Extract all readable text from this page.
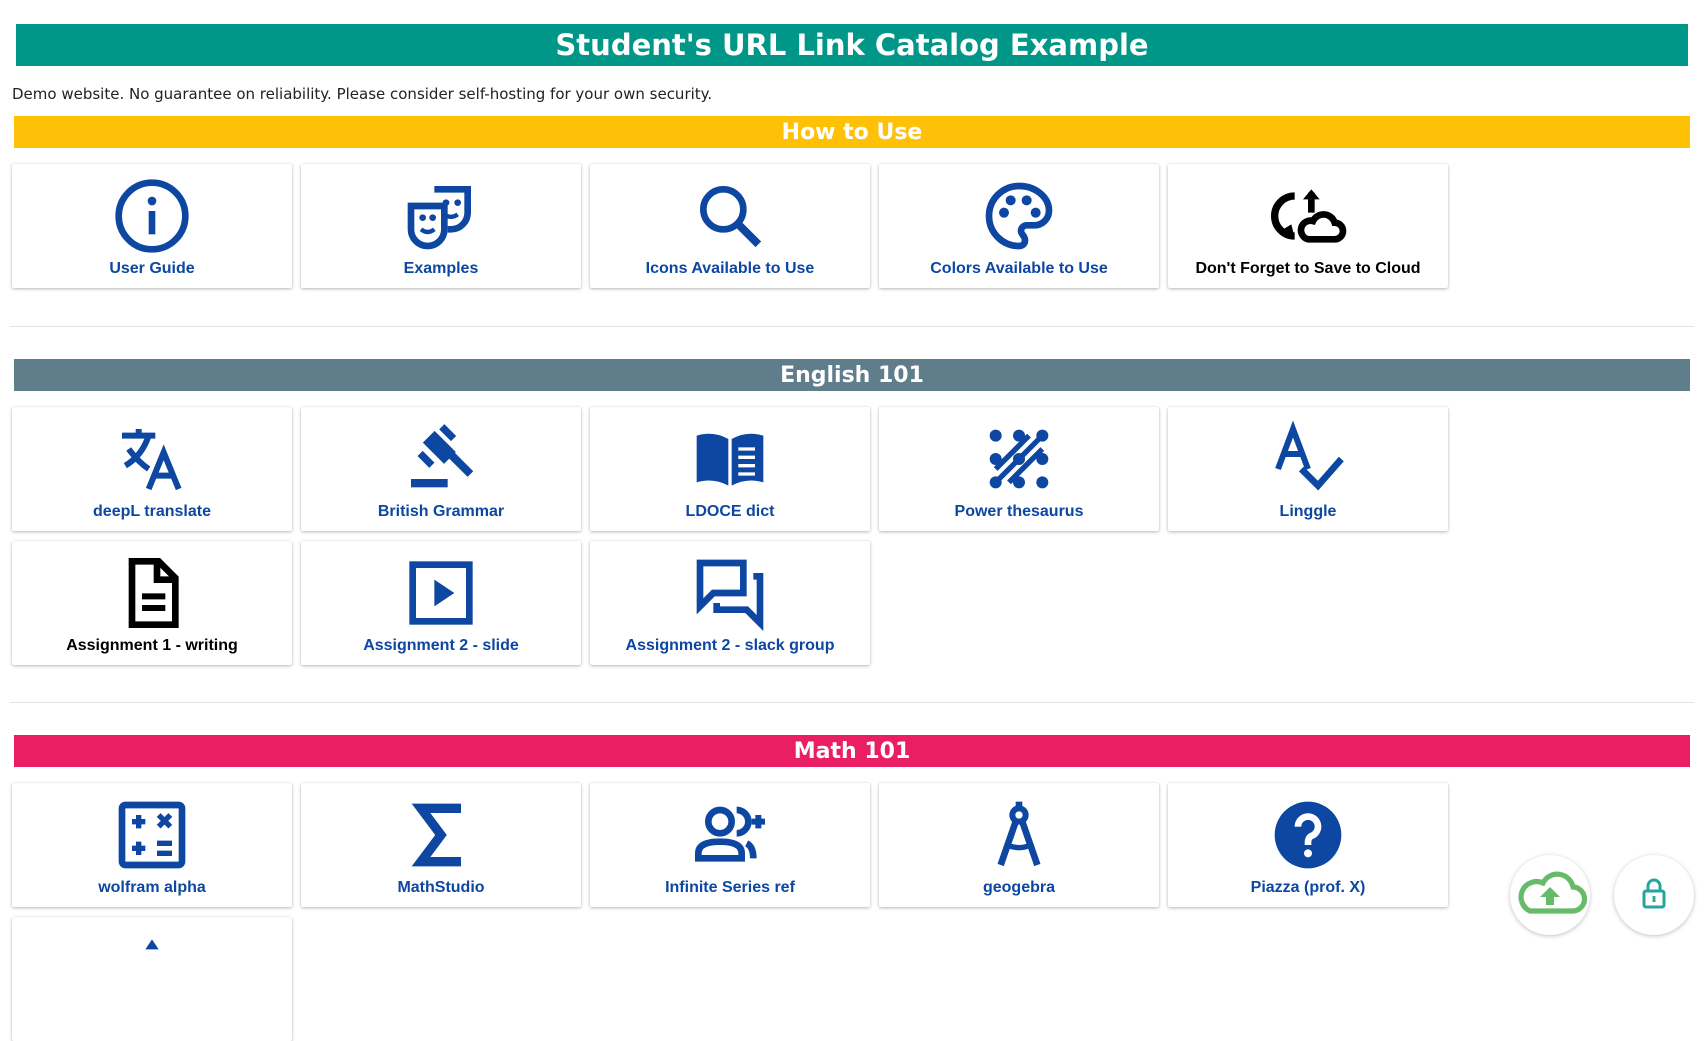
Student's URL Link Catalog Example
Demo website. No guarantee on reliability. Please consider self-hosting for your own security.
How to Use
User Guide	Examples	Icons Available to Use	Colors Available to Use	Don't Forget to Save to Cloud
English 101
deepL translate	British Grammar	LDOCE dict	Power thesaurus	Linggle
Assignment 1 - writing	Assignment 2 - slide	Assignment 2 - slack group
Math 101
wolfram alpha	MathStudio	Infinite Series ref	geogebra	Piazza (prof. X)
